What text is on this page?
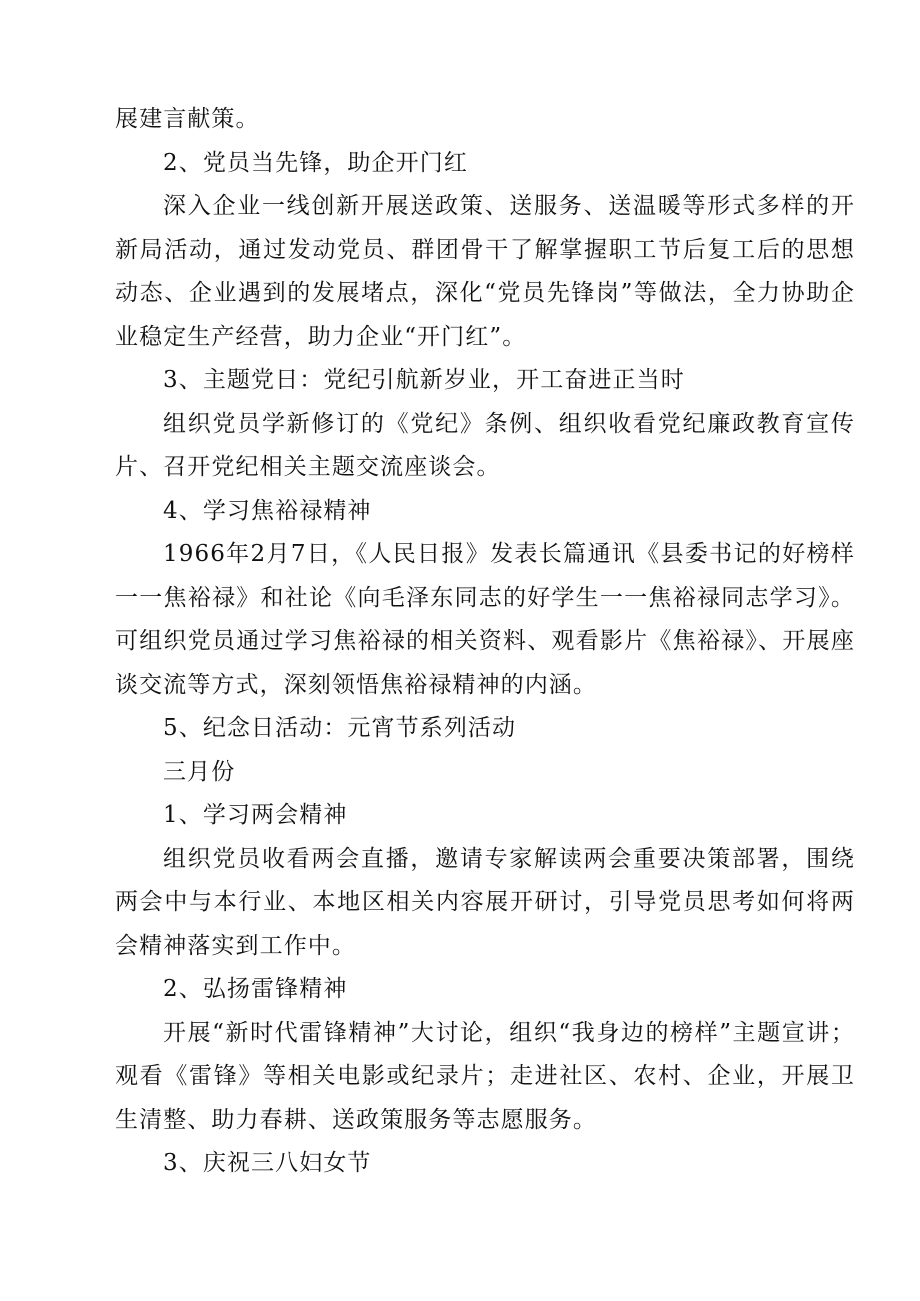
展建言献策。

2、党员当先锋，助企开门红

深入企业一线创新开展送政策、送服务、送温暖等形式多样的开新局活动，通过发动党员、群团骨干了解掌握职工节后复工后的思想动态、企业遇到的发展堵点，深化“党员先锋岗”等做法，全力协助企业稳定生产经营，助力企业“开门红”。

3、主题党日：党纪引航新岁业，开工奋进正当时

组织党员学新修订的《党纪》条例、组织收看党纪廉政教育宣传片、召开党纪相关主题交流座谈会。

4、学习焦裕禄精神

1966年2月7日，《人民日报》发表长篇通讯《县委书记的好榜样一一焦裕禄》和社论《向毛泽东同志的好学生一一焦裕禄同志学习》。可组织党员通过学习焦裕禄的相关资料、观看影片《焦裕禄》、开展座谈交流等方式，深刻领悟焦裕禄精神的内涵。

5、纪念日活动：元宵节系列活动

三月份

1、学习两会精神

组织党员收看两会直播，邀请专家解读两会重要决策部署，围绕两会中与本行业、本地区相关内容展开研讨，引导党员思考如何将两会精神落实到工作中。

2、弘扬雷锋精神

开展“新时代雷锋精神”大讨论，组织“我身边的榜样”主题宣讲；观看《雷锋》等相关电影或纪录片；走进社区、农村、企业，开展卫生清整、助力春耕、送政策服务等志愿服务。

3、庆祝三八妇女节
